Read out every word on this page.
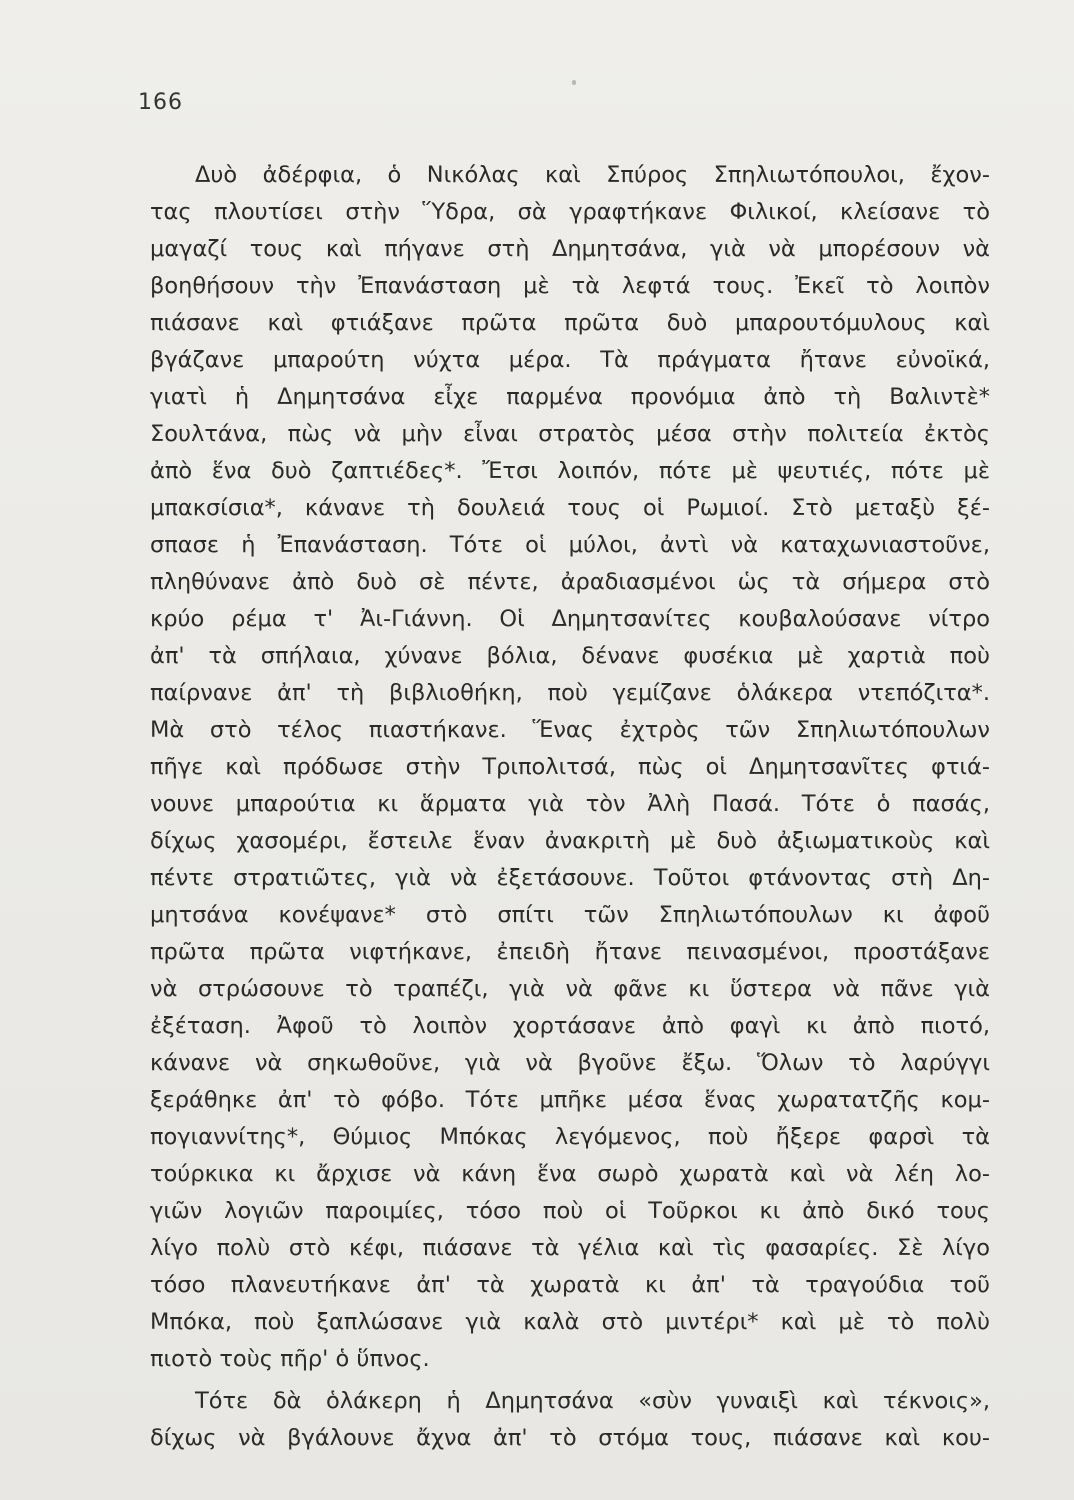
166
Δυὸ ἀδέρφια, ὁ Νικόλας καὶ Σπύρος Σπηλιωτόπουλοι, ἔχον-
τας πλουτίσει στὴν Ὕδρα, σὰ γραφτήκανε Φιλικοί, κλείσανε τὸ
μαγαζί τους καὶ πήγανε στὴ Δημητσάνα, γιὰ νὰ μπορέσουν νὰ
βοηθήσουν τὴν Ἐπανάσταση μὲ τὰ λεφτά τους. Ἐκεῖ τὸ λοιπὸν
πιάσανε καὶ φτιάξανε πρῶτα πρῶτα δυὸ μπαρουτόμυλους καὶ
βγάζανε μπαρούτη νύχτα μέρα. Τὰ πράγματα ἤτανε εὐνοϊκά,
γιατὶ ἡ Δημητσάνα εἶχε παρμένα προνόμια ἀπὸ τὴ Βαλιντὲ*
Σουλτάνα, πὼς νὰ μὴν εἶναι στρατὸς μέσα στὴν πολιτεία ἐκτὸς
ἀπὸ ἕνα δυὸ ζαπτιέδες*. Ἔτσι λοιπόν, πότε μὲ ψευτιές, πότε μὲ
μπακσίσια*, κάνανε τὴ δουλειά τους οἱ Ρωμιοί. Στὸ μεταξὺ ξέ-
σπασε ἡ Ἐπανάσταση. Τότε οἱ μύλοι, ἀντὶ νὰ καταχωνιαστοῦνε,
πληθύνανε ἀπὸ δυὸ σὲ πέντε, ἀραδιασμένοι ὡς τὰ σήμερα στὸ
κρύο ρέμα τ' Ἀι-Γιάννη. Οἱ Δημητσανίτες κουβαλούσανε νίτρο
ἀπ' τὰ σπήλαια, χύνανε βόλια, δένανε φυσέκια μὲ χαρτιὰ ποὺ
παίρνανε ἀπ' τὴ βιβλιοθήκη, ποὺ γεμίζανε ὁλάκερα ντεπόζιτα*.
Μὰ στὸ τέλος πιαστήκανε. Ἕνας ἐχτρὸς τῶν Σπηλιωτόπουλων
πῆγε καὶ πρόδωσε στὴν Τριπολιτσά, πὼς οἱ Δημητσανῖτες φτιά-
νουνε μπαρούτια κι ἅρματα γιὰ τὸν Ἀλὴ Πασά. Τότε ὁ πασάς,
δίχως χασομέρι, ἔστειλε ἕναν ἀνακριτὴ μὲ δυὸ ἀξιωματικοὺς καὶ
πέντε στρατιῶτες, γιὰ νὰ ἐξετάσουνε. Τοῦτοι φτάνοντας στὴ Δη-
μητσάνα κονέψανε* στὸ σπίτι τῶν Σπηλιωτόπουλων κι ἀφοῦ
πρῶτα πρῶτα νιφτήκανε, ἐπειδὴ ἤτανε πεινασμένοι, προστάξανε
νὰ στρώσουνε τὸ τραπέζι, γιὰ νὰ φᾶνε κι ὕστερα νὰ πᾶνε γιὰ
ἐξέταση. Ἀφοῦ τὸ λοιπὸν χορτάσανε ἀπὸ φαγὶ κι ἀπὸ πιοτό,
κάνανε νὰ σηκωθοῦνε, γιὰ νὰ βγοῦνε ἔξω. Ὅλων τὸ λαρύγγι
ξεράθηκε ἀπ' τὸ φόβο. Τότε μπῆκε μέσα ἕνας χωρατατζῆς κομ-
πογιαννίτης*, Θύμιος Μπόκας λεγόμενος, ποὺ ἤξερε φαρσὶ τὰ
τούρκικα κι ἄρχισε νὰ κάνη ἕνα σωρὸ χωρατὰ καὶ νὰ λέη λο-
γιῶν λογιῶν παροιμίες, τόσο ποὺ οἱ Τοῦρκοι κι ἀπὸ δικό τους
λίγο πολὺ στὸ κέφι, πιάσανε τὰ γέλια καὶ τὶς φασαρίες. Σὲ λίγο
τόσο πλανευτήκανε ἀπ' τὰ χωρατὰ κι ἀπ' τὰ τραγούδια τοῦ
Μπόκα, ποὺ ξαπλώσανε γιὰ καλὰ στὸ μιντέρι* καὶ μὲ τὸ πολὺ
πιοτὸ τοὺς πῆρ' ὁ ὕπνος.
Τότε δὰ ὁλάκερη ἡ Δημητσάνα «σὺν γυναιξὶ καὶ τέκνοις»,
δίχως νὰ βγάλουνε ἄχνα ἀπ' τὸ στόμα τους, πιάσανε καὶ κου-
